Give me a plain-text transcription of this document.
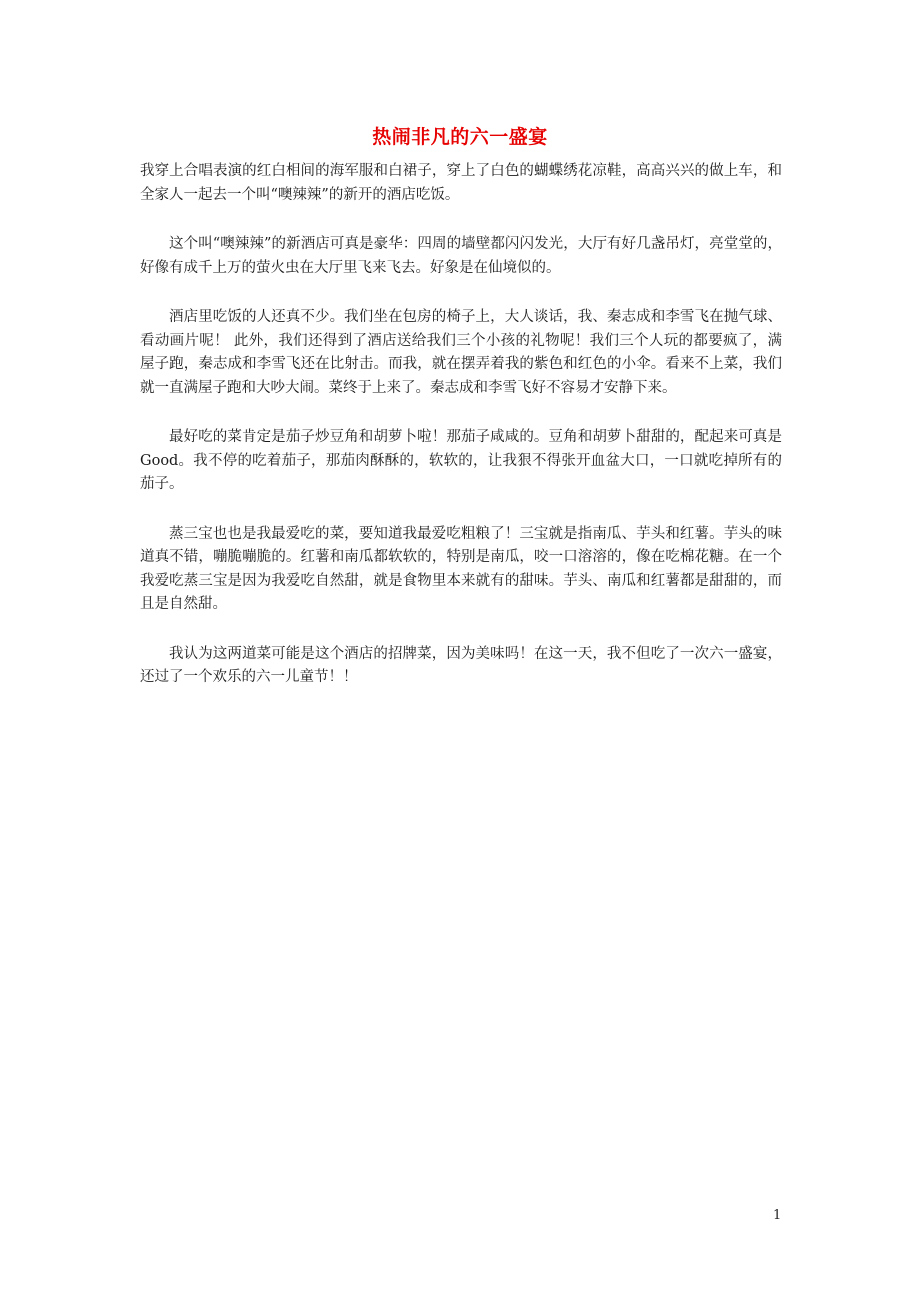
热闹非凡的六一盛宴

我穿上合唱表演的红白相间的海军服和白裙子，穿上了白色的蝴蝶绣花凉鞋，高高兴兴的做上车，和全家人一起去一个叫“噢辣辣”的新开的酒店吃饭。

这个叫“噢辣辣”的新酒店可真是豪华：四周的墙壁都闪闪发光，大厅有好几盏吊灯，亮堂堂的，好像有成千上万的萤火虫在大厅里飞来飞去。好象是在仙境似的。

酒店里吃饭的人还真不少。我们坐在包房的椅子上，大人谈话，我、秦志成和李雪飞在抛气球、看动画片呢！ 此外，我们还得到了酒店送给我们三个小孩的礼物呢！我们三个人玩的都要疯了，满屋子跑，秦志成和李雪飞还在比射击。而我，就在摆弄着我的紫色和红色的小伞。看来不上菜，我们就一直满屋子跑和大吵大闹。菜终于上来了。秦志成和李雪飞好不容易才安静下来。

最好吃的菜肯定是茄子炒豆角和胡萝卜啦！那茄子咸咸的。豆角和胡萝卜甜甜的，配起来可真是Good。我不停的吃着茄子，那茄肉酥酥的，软软的，让我狠不得张开血盆大口，一口就吃掉所有的茄子。

蒸三宝也也是我最爱吃的菜，要知道我最爱吃粗粮了！三宝就是指南瓜、芋头和红薯。芋头的味道真不错，嘣脆嘣脆的。红薯和南瓜都软软的，特别是南瓜，咬一口溶溶的，像在吃棉花糖。在一个我爱吃蒸三宝是因为我爱吃自然甜，就是食物里本来就有的甜味。芋头、南瓜和红薯都是甜甜的，而且是自然甜。

我认为这两道菜可能是这个酒店的招牌菜，因为美味吗！在这一天，我不但吃了一次六一盛宴，还过了一个欢乐的六一儿童节！！

1
